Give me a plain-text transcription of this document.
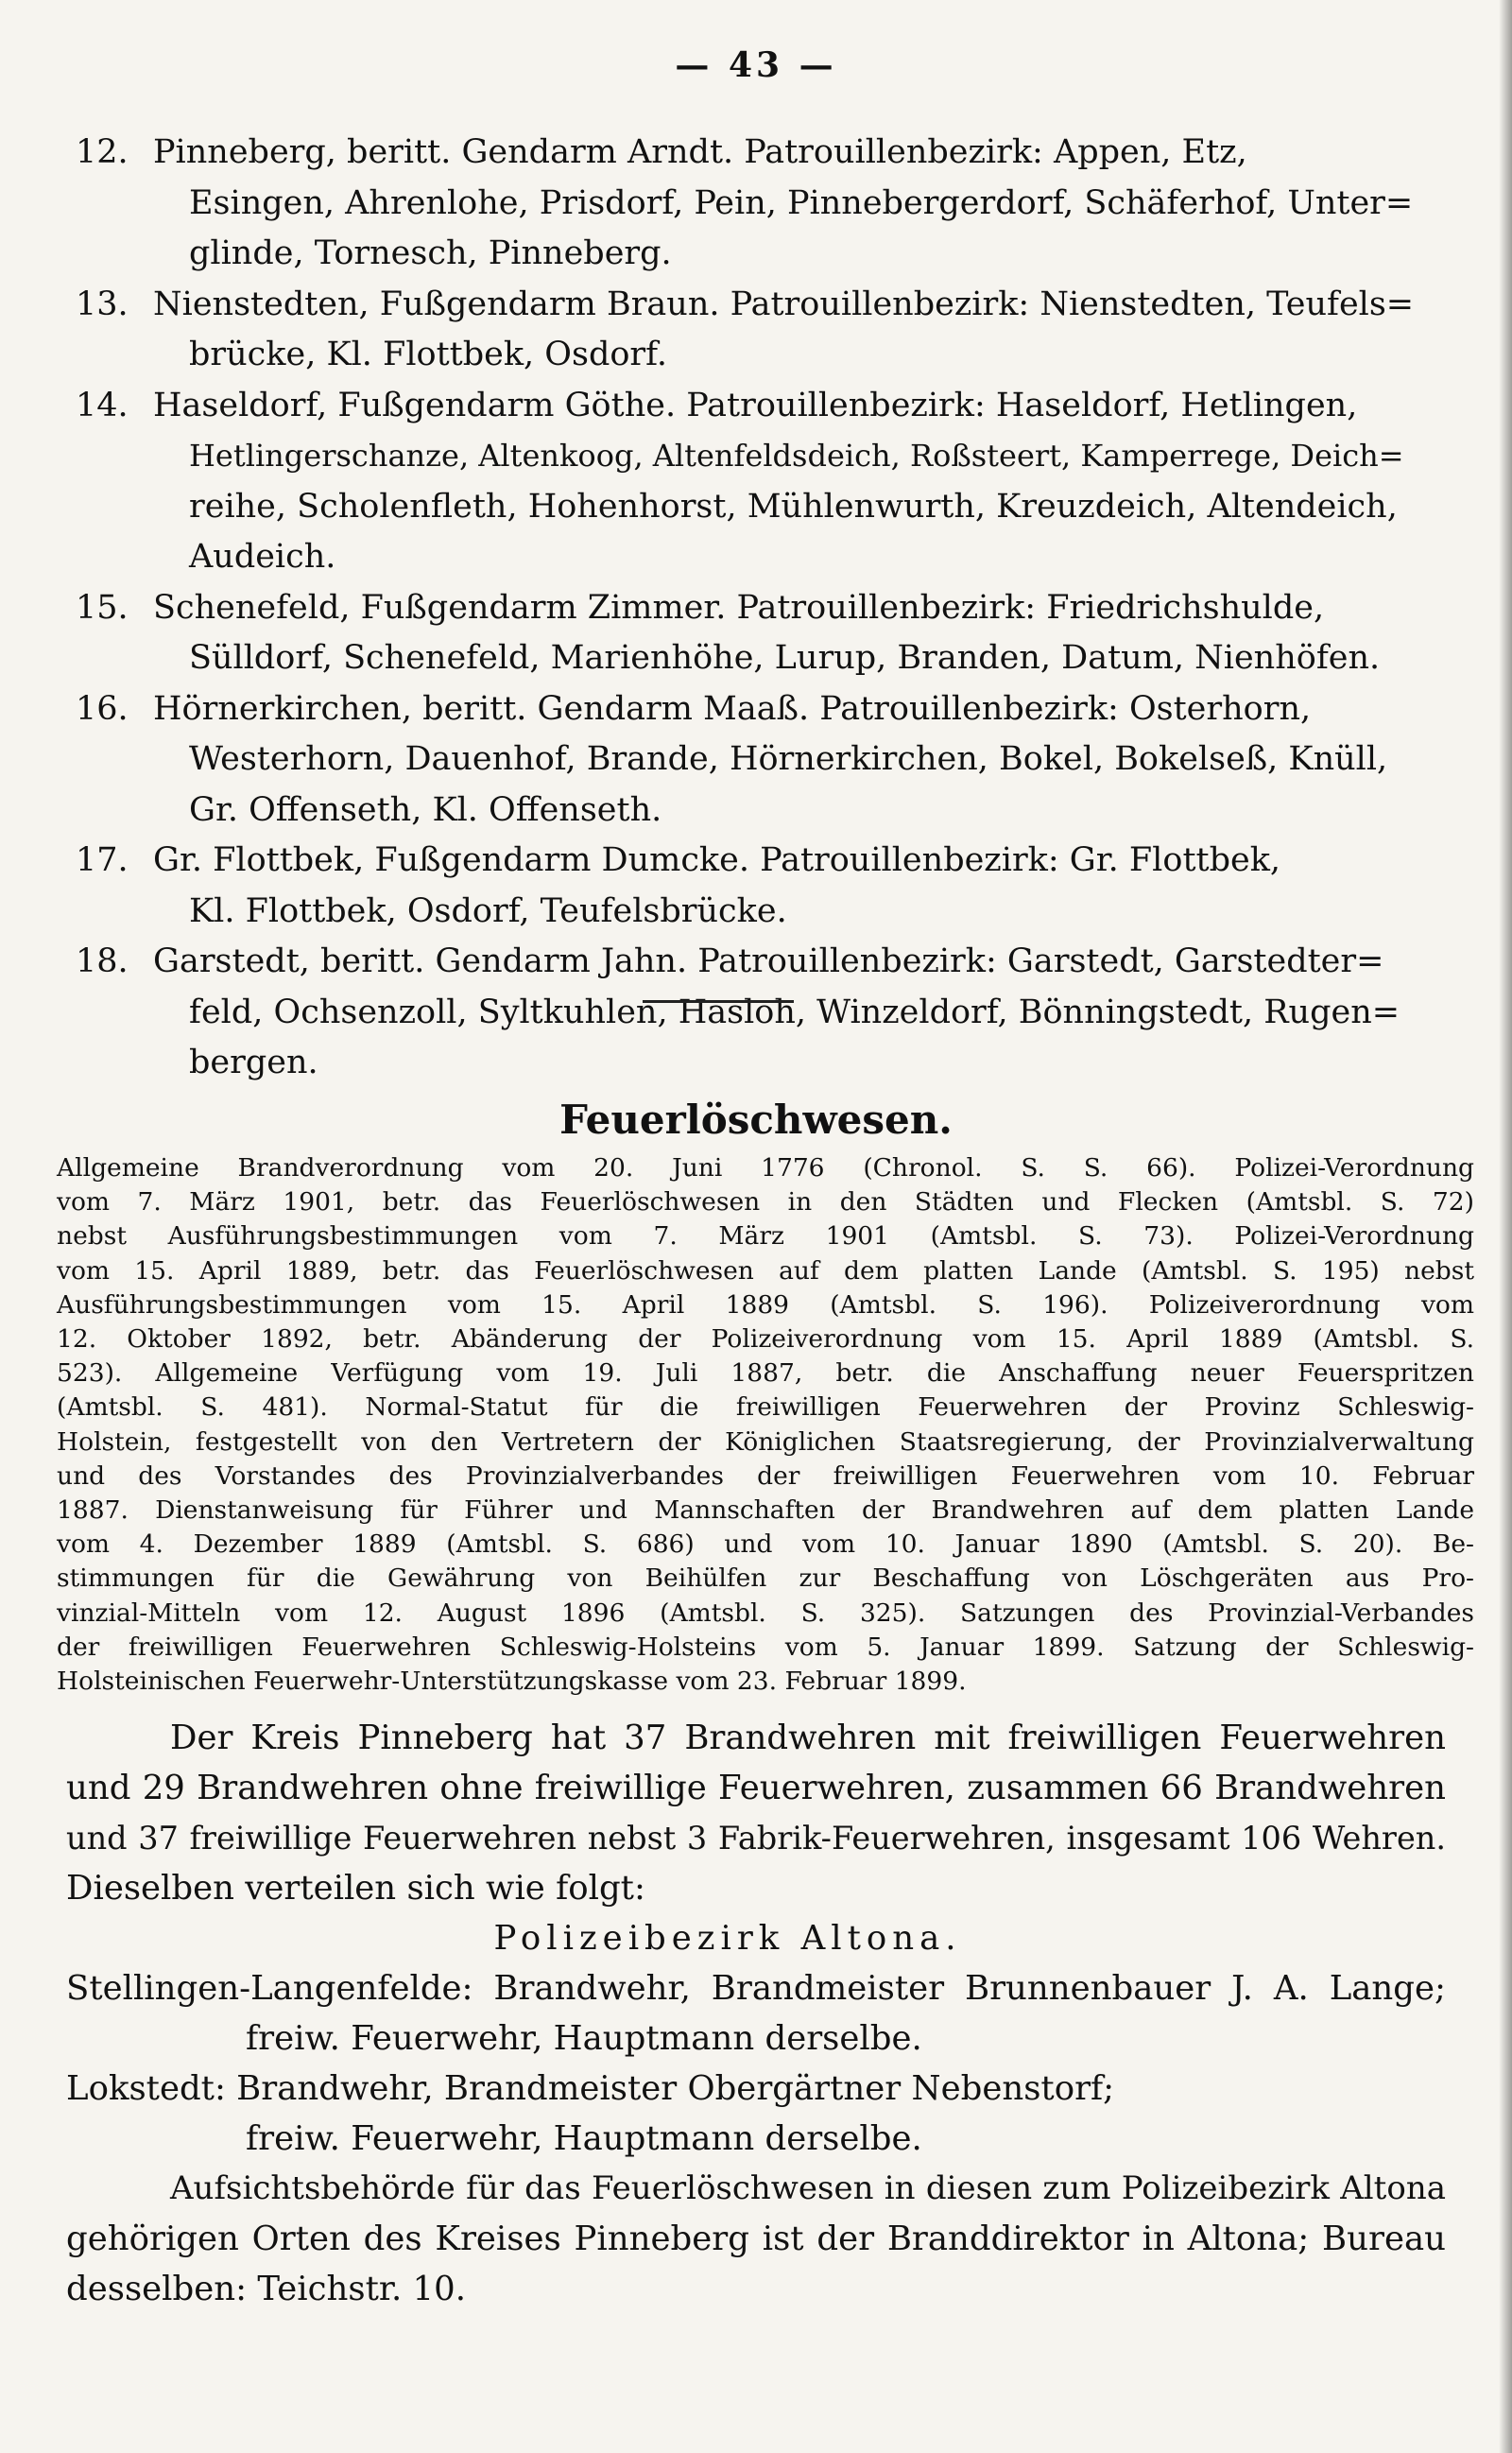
— 43 —
12. Pinneberg, beritt. Gendarm Arndt. Patrouillenbezirk: Appen, Etz,
Esingen, Ahrenlohe, Prisdorf, Pein, Pinnebergerdorf, Schäferhof, Unter=
glinde, Tornesch, Pinneberg.
13. Nienstedten, Fußgendarm Braun. Patrouillenbezirk: Nienstedten, Teufels=
brücke, Kl. Flottbek, Osdorf.
14. Haseldorf, Fußgendarm Göthe. Patrouillenbezirk: Haseldorf, Hetlingen,
Hetlingerschanze, Altenkoog, Altenfeldsdeich, Roßsteert, Kamperrege, Deich=
reihe, Scholenfleth, Hohenhorst, Mühlenwurth, Kreuzdeich, Altendeich,
Audeich.
15. Schenefeld, Fußgendarm Zimmer. Patrouillenbezirk: Friedrichshulde,
Sülldorf, Schenefeld, Marienhöhe, Lurup, Branden, Datum, Nienhöfen.
16. Hörnerkirchen, beritt. Gendarm Maaß. Patrouillenbezirk: Osterhorn,
Westerhorn, Dauenhof, Brande, Hörnerkirchen, Bokel, Bokelseß, Knüll,
Gr. Offenseth, Kl. Offenseth.
17. Gr. Flottbek, Fußgendarm Dumcke. Patrouillenbezirk: Gr. Flottbek,
Kl. Flottbek, Osdorf, Teufelsbrücke.
18. Garstedt, beritt. Gendarm Jahn. Patrouillenbezirk: Garstedt, Garstedter=
feld, Ochsenzoll, Syltkuhlen, Hasloh, Winzeldorf, Bönningstedt, Rugen=
bergen.
Feuerlöschwesen.
Allgemeine Brandverordnung vom 20. Juni 1776 (Chronol. S. S. 66). Polizei-Verordnung
vom 7. März 1901, betr. das Feuerlöschwesen in den Städten und Flecken (Amtsbl. S. 72)
nebst Ausführungsbestimmungen vom 7. März 1901 (Amtsbl. S. 73). Polizei-Verordnung
vom 15. April 1889, betr. das Feuerlöschwesen auf dem platten Lande (Amtsbl. S. 195) nebst
Ausführungsbestimmungen vom 15. April 1889 (Amtsbl. S. 196). Polizeiverordnung vom
12. Oktober 1892, betr. Abänderung der Polizeiverordnung vom 15. April 1889 (Amtsbl. S.
523). Allgemeine Verfügung vom 19. Juli 1887, betr. die Anschaffung neuer Feuerspritzen
(Amtsbl. S. 481). Normal-Statut für die freiwilligen Feuerwehren der Provinz Schleswig-
Holstein, festgestellt von den Vertretern der Königlichen Staatsregierung, der Provinzialverwaltung
und des Vorstandes des Provinzialverbandes der freiwilligen Feuerwehren vom 10. Februar
1887. Dienstanweisung für Führer und Mannschaften der Brandwehren auf dem platten Lande
vom 4. Dezember 1889 (Amtsbl. S. 686) und vom 10. Januar 1890 (Amtsbl. S. 20). Be-
stimmungen für die Gewährung von Beihülfen zur Beschaffung von Löschgeräten aus Pro-
vinzial-Mitteln vom 12. August 1896 (Amtsbl. S. 325). Satzungen des Provinzial-Verbandes
der freiwilligen Feuerwehren Schleswig-Holsteins vom 5. Januar 1899. Satzung der Schleswig-
Holsteinischen Feuerwehr-Unterstützungskasse vom 23. Februar 1899.
Der Kreis Pinneberg hat 37 Brandwehren mit freiwilligen Feuerwehren
und 29 Brandwehren ohne freiwillige Feuerwehren, zusammen 66 Brandwehren
und 37 freiwillige Feuerwehren nebst 3 Fabrik-Feuerwehren, insgesamt 106 Wehren.
Dieselben verteilen sich wie folgt:
Polizeibezirk Altona.
Stellingen-Langenfelde: Brandwehr, Brandmeister Brunnenbauer J. A. Lange;
freiw. Feuerwehr, Hauptmann derselbe.
Lokstedt: Brandwehr, Brandmeister Obergärtner Nebenstorf;
freiw. Feuerwehr, Hauptmann derselbe.
Aufsichtsbehörde für das Feuerlöschwesen in diesen zum Polizeibezirk Altona
gehörigen Orten des Kreises Pinneberg ist der Branddirektor in Altona; Bureau
desselben: Teichstr. 10.
